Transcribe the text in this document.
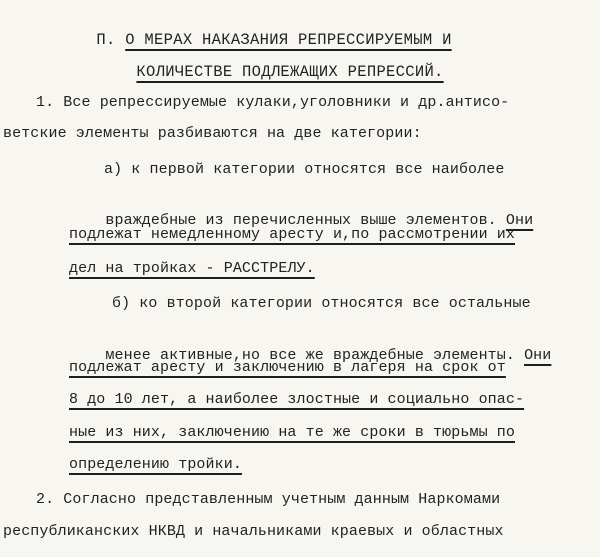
П. О МЕРАХ НАКАЗАНИЯ РЕПРЕССИРУЕМЫМ И

КОЛИЧЕСТВЕ ПОДЛЕЖАЩИХ РЕПРЕССИЙ.

1. Все репрессируемые кулаки,уголовники и др.антисо-
ветские элементы разбиваются на две категории:
а) к первой категории относятся все наиболее

враждебные из перечисленных выше элементов. Они

подлежат немедленному аресту и,по рассмотрении их
дел на тройках - РАССТРЕЛУ.
б) ко второй категории относятся все остальные

менее активные,но все же враждебные элементы. Они

подлежат аресту и заключению в лагеря на срок от
8 до 10 лет, а наиболее злостные и социально опас-
ные из них, заключению на те же сроки в тюрьмы по
определению тройки.
2. Согласно представленным учетным данным Наркомами
республиканских НКВД и начальниками краевых и областных
